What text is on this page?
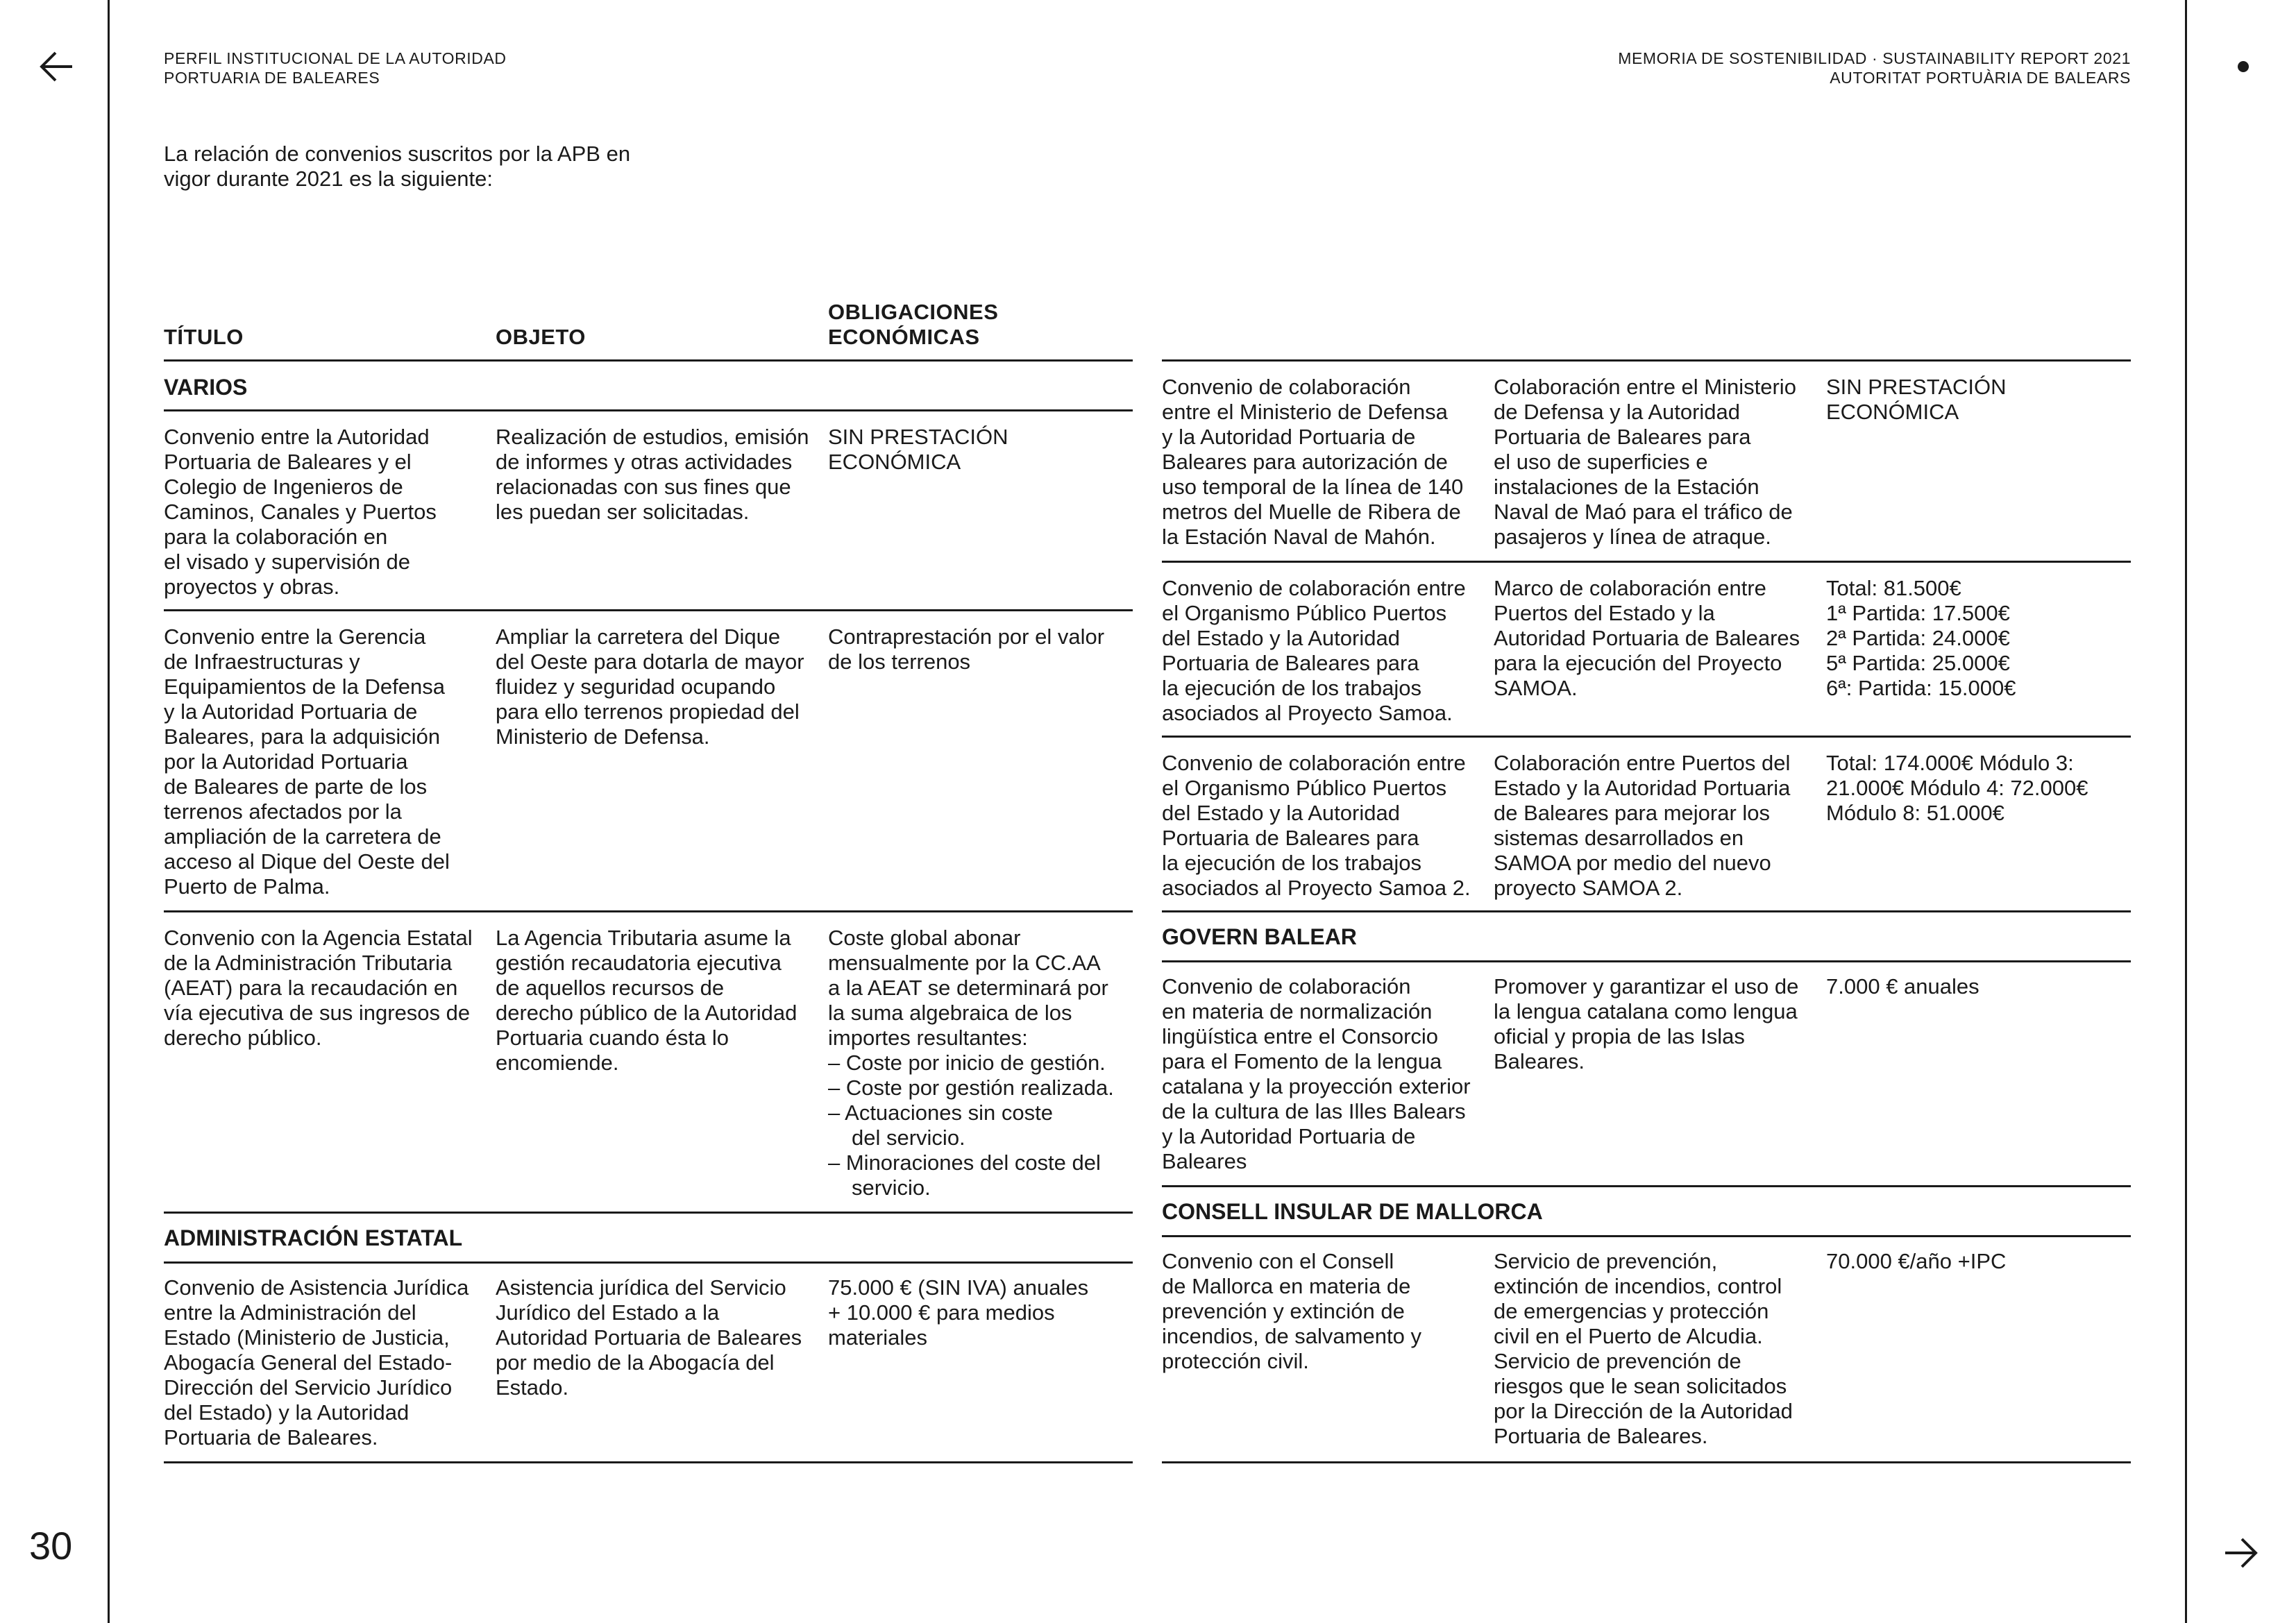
30
PERFIL INSTITUCIONAL DE LA AUTORIDAD
PORTUARIA DE BALEARES
MEMORIA DE SOSTENIBILIDAD · SUSTAINABILITY REPORT 2021
AUTORITAT PORTUÀRIA DE BALEARS
La relación de convenios suscritos por la APB en
vigor durante 2021 es la siguiente:
TÍTULO	OBJETO
OBLIGACIONES
ECONÓMICAS
VARIOS
Convenio entre la Autoridad
Portuaria de Baleares y el
Colegio de Ingenieros de
Caminos, Canales y Puertos
para la colaboración en
el visado y supervisión de
proyectos y obras.
Realización de estudios, emisión
de informes y otras actividades
relacionadas con sus fines que
les puedan ser solicitadas.
SIN PRESTACIÓN
ECONÓMICA
Convenio entre la Gerencia
de Infraestructuras y
Equipamientos de la Defensa
y la Autoridad Portuaria de
Baleares, para la adquisición
por la Autoridad Portuaria
de Baleares de parte de los
terrenos afectados por la
ampliación de la carretera de
acceso al Dique del Oeste del
Puerto de Palma.
Ampliar la carretera del Dique
del Oeste para dotarla de mayor
fluidez y seguridad ocupando
para ello terrenos propiedad del
Ministerio de Defensa.
Contraprestación por el valor
de los terrenos
Convenio con la Agencia Estatal
de la Administración Tributaria
(AEAT) para la recaudación en
vía ejecutiva de sus ingresos de
derecho público.
La Agencia Tributaria asume la
gestión recaudatoria ejecutiva
de aquellos recursos de
derecho público de la Autoridad
Portuaria cuando ésta lo
encomiende.
Coste global abonar
mensualmente por la CC.AA
a la AEAT se determinará por
la suma algebraica de los
importes resultantes:
– Coste por inicio de gestión.
– Coste por gestión realizada.
– Actuaciones sin coste
del servicio.
– Minoraciones del coste del
servicio.
ADMINISTRACIÓN ESTATAL
Convenio de Asistencia Jurídica
entre la Administración del
Estado (Ministerio de Justicia,
Abogacía General del Estado-
Dirección del Servicio Jurídico
del Estado) y la Autoridad
Portuaria de Baleares.
Asistencia jurídica del Servicio
Jurídico del Estado a la
Autoridad Portuaria de Baleares
por medio de la Abogacía del
Estado.
75.000 € (SIN IVA) anuales
+ 10.000 € para medios
materiales
Convenio de colaboración
entre el Ministerio de Defensa
y la Autoridad Portuaria de
Baleares para autorización de
uso temporal de la línea de 140
metros del Muelle de Ribera de
la Estación Naval de Mahón.
Colaboración entre el Ministerio
de Defensa y la Autoridad
Portuaria de Baleares para
el uso de superficies e
instalaciones de la Estación
Naval de Maó para el tráfico de
pasajeros y línea de atraque.
SIN PRESTACIÓN
ECONÓMICA
Convenio de colaboración entre
el Organismo Público Puertos
del Estado y la Autoridad
Portuaria de Baleares para
la ejecución de los trabajos
asociados al Proyecto Samoa.
Marco de colaboración entre
Puertos del Estado y la
Autoridad Portuaria de Baleares
para la ejecución del Proyecto
SAMOA.
Total: 81.500€
1ª Partida: 17.500€
2ª Partida: 24.000€
5ª Partida: 25.000€
6ª: Partida: 15.000€
Convenio de colaboración entre
el Organismo Público Puertos
del Estado y la Autoridad
Portuaria de Baleares para
la ejecución de los trabajos
asociados al Proyecto Samoa 2.
Colaboración entre Puertos del
Estado y la Autoridad Portuaria
de Baleares para mejorar los
sistemas desarrollados en
SAMOA por medio del nuevo
proyecto SAMOA 2.
Total: 174.000€ Módulo 3:
21.000€ Módulo 4: 72.000€
Módulo 8: 51.000€
GOVERN BALEAR
Convenio de colaboración
en materia de normalización
lingüística entre el Consorcio
para el Fomento de la lengua
catalana y la proyección exterior
de la cultura de las Illes Balears
y la Autoridad Portuaria de
Baleares
Promover y garantizar el uso de
la lengua catalana como lengua
oficial y propia de las Islas
Baleares.
7.000 € anuales
CONSELL INSULAR DE MALLORCA
Convenio con el Consell
de Mallorca en materia de
prevención y extinción de
incendios, de salvamento y
protección civil.
Servicio de prevención,
extinción de incendios, control
de emergencias y protección
civil en el Puerto de Alcudia.
Servicio de prevención de
riesgos que le sean solicitados
por la Dirección de la Autoridad
Portuaria de Baleares.
70.000 €/año +IPC
